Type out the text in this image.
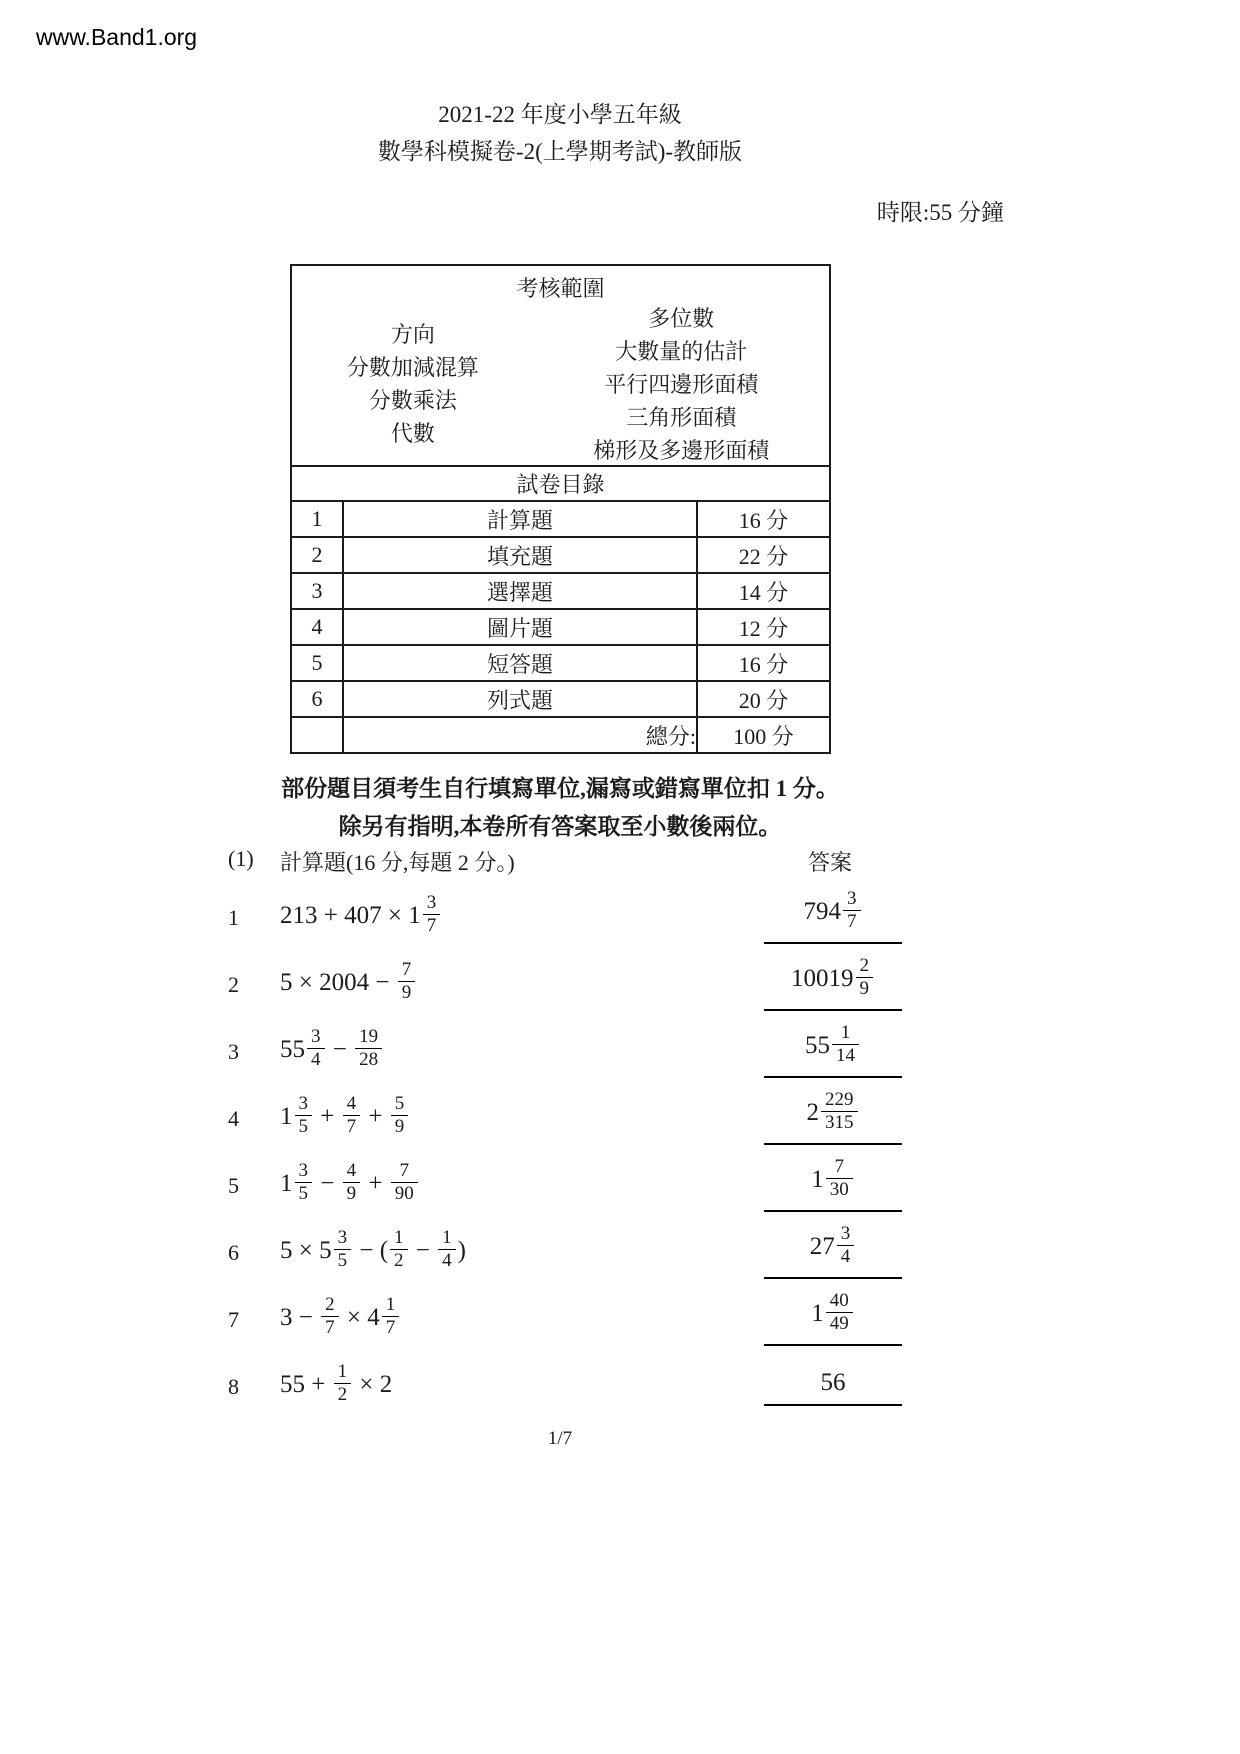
www.Band1.org
2021-22 年度小學五年級
數學科模擬卷-2(上學期考試)-教師版
時限:55 分鐘
考核範圍
方向
分數加減混算
分數乘法
代數
多位數
大數量的估計
平行四邊形面積
三角形面積
梯形及多邊形面積

試卷目錄		
1	計算題	16 分
2	填充題	22 分
3	選擇題	14 分
4	圖片題	12 分
5	短答題	16 分
6	列式題	20 分
	總分:	100 分
部份題目須考生自行填寫單位,漏寫或錯寫單位扣 1 分。
除另有指明,本卷所有答案取至小數後兩位。
(1)	計算題(16 分,每題 2 分。)	答案
1	$213 + 407 \times 1 \frac{3}{7}$	$794 \frac{3}{7}$
2	$5 \times 2004 - \frac{7}{9}$	$10019 \frac{2}{9}$
3	$55 \frac{3}{4} - \frac{19}{28}$	$55 \frac{1}{14}$
4	$1 \frac{3}{5} + \frac{4}{7} + \frac{5}{9}$	$2 \frac{229}{315}$
5	$1 \frac{3}{5} - \frac{4}{9} + \frac{7}{90}$	$1 \frac{7}{30}$
6	$5 \times 5 \frac{3}{5}$ − ( $\frac{1}{2} - \frac{1}{4}$ )	$27 \frac{3}{4}$
7	$3 - \frac{2}{7} \times 4 \frac{1}{7}$	$1 \frac{40}{49}$
8	$55 + \frac{1}{2} \times 2$	56
1/7
